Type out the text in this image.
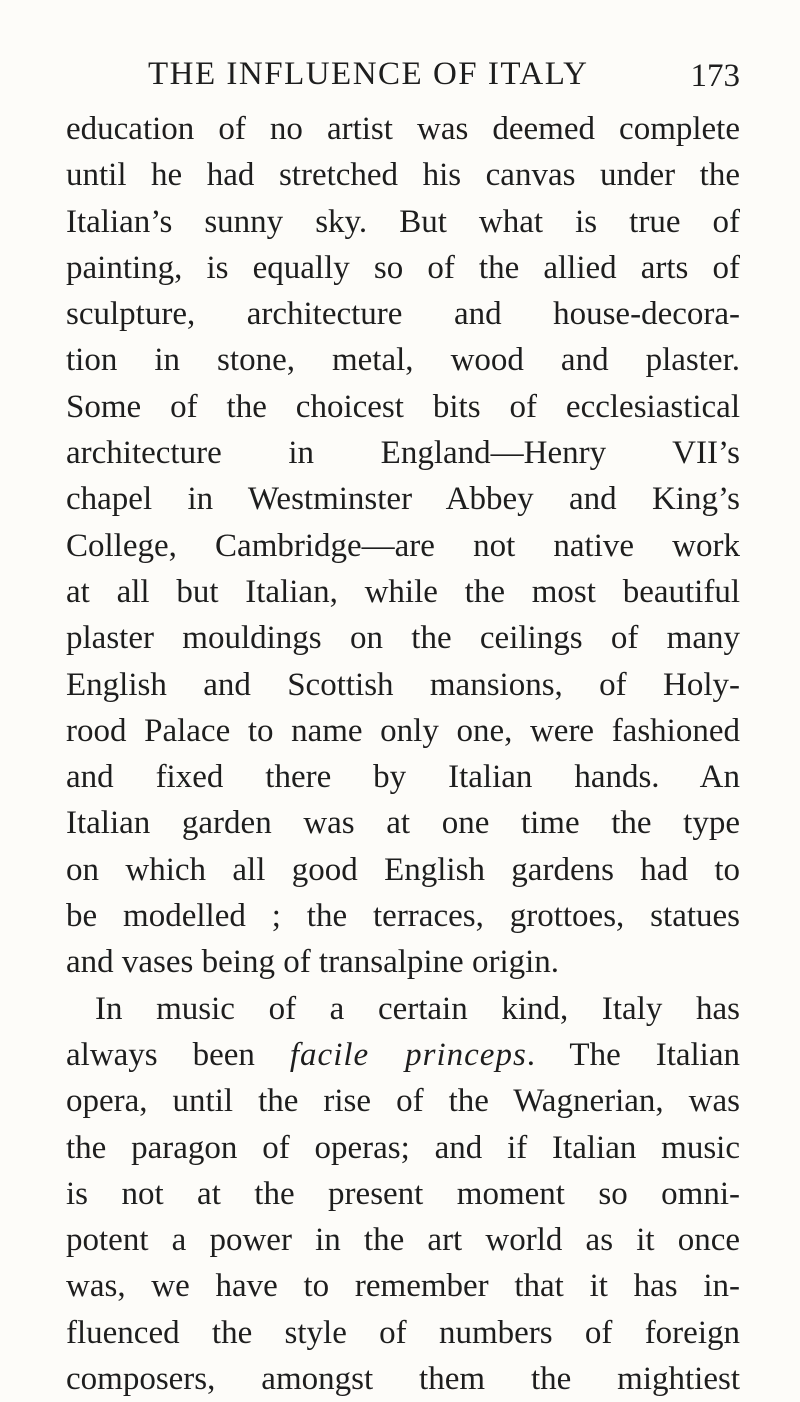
THE INFLUENCE OF ITALY	173
education of no artist was deemed complete
until he had stretched his canvas under the
Italian’s sunny sky. But what is true of
painting, is equally so of the allied arts of
sculpture, architecture and house-decora-
tion in stone, metal, wood and plaster.
Some of the choicest bits of ecclesiastical
architecture in England—Henry VII’s
chapel in Westminster Abbey and King’s
College, Cambridge—are not native work
at all but Italian, while the most beautiful
plaster mouldings on the ceilings of many
English and Scottish mansions, of Holy-
rood Palace to name only one, were fashioned
and fixed there by Italian hands. An
Italian garden was at one time the type
on which all good English gardens had to
be modelled ; the terraces, grottoes, statues
and vases being of transalpine origin.
In music of a certain kind, Italy has
always been facile princeps. The Italian
opera, until the rise of the Wagnerian, was
the paragon of operas; and if Italian music
is not at the present moment so omni-
potent a power in the art world as it once
was, we have to remember that it has in-
fluenced the style of numbers of foreign
composers, amongst them the mightiest
